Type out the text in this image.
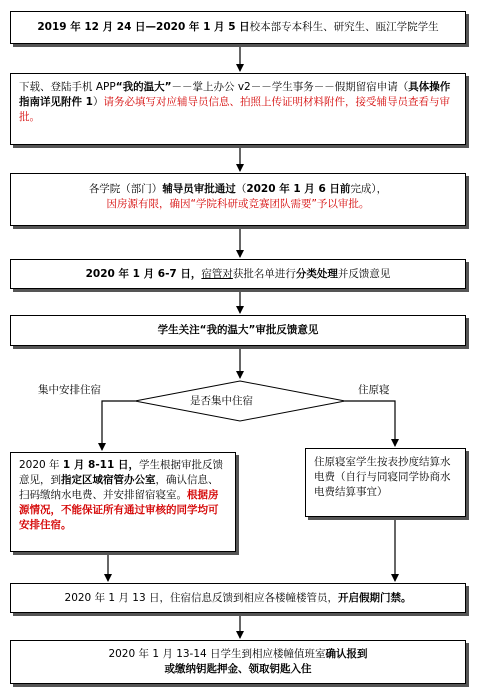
2019 年 12 月 24 日—2020 年 1 月 5 日校本部专本科生、研究生、瓯江学院学生
下载、登陆手机 APP“我的温大”－－掌上办公 v2－－学生事务－－假期留宿申请（具体操作指南详见附件 1）请务必填写对应辅导员信息、拍照上传证明材料附件，接受辅导员查看与审批。
各学院（部门）辅导员审批通过（2020 年 1 月 6 日前完成），
因房源有限，确因“学院科研或竞赛团队需要”予以审批。
2020 年 1 月 6-7 日，宿管对获批名单进行分类处理并反馈意见
学生关注“我的温大”审批反馈意见
是否集中住宿
集中安排住宿	住原寝
2020 年 1 月 8-11 日，学生根据审批反馈意见，到指定区域宿管办公室，确认信息、扫码缴纳水电费、并安排留宿寝室。根据房源情况，不能保证所有通过审核的同学均可安排住宿。
住原寝室学生按表抄度结算水电费（自行与同寝同学协商水电费结算事宜）
2020 年 1 月 13 日，住宿信息反馈到相应各楼幢楼管员，开启假期门禁。
2020 年 1 月 13-14 日学生到相应楼幢值班室确认报到
或缴纳钥匙押金、领取钥匙入住
